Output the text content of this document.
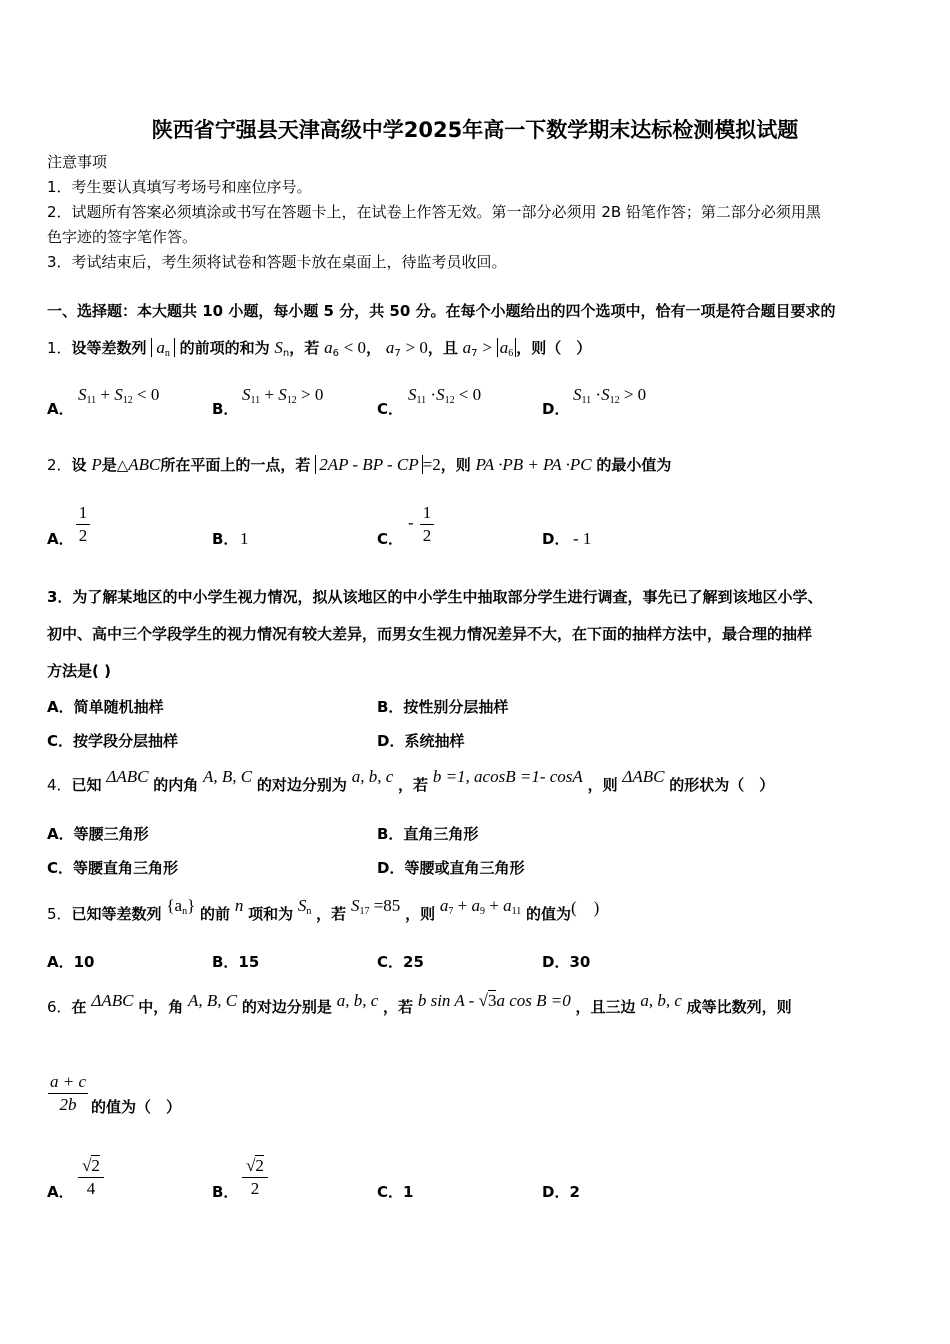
陕西省宁强县天津高级中学2025年高一下数学期末达标检测模拟试题
注意事项
1．考生要认真填写考场号和座位序号。
2．试题所有答案必须填涂或书写在答题卡上，在试卷上作答无效。第一部分必须用 2B 铅笔作答；第二部分必须用黑
色字迹的签字笔作答。
3．考试结束后，考生须将试卷和答题卡放在桌面上，待监考员收回。
一、选择题：本大题共 10 小题，每小题 5 分，共 50 分。在每个小题给出的四个选项中，恰有一项是符合题目要求的
1．设等差数列 $a_n$ 的前项的和为 $S_n$，若 $a_6 < 0$， $a_7 > 0$，且 $a_7 > a_6$ ，则（　）
A．
$S_{11} + S_{12} < 0$
B．
$S_{11} + S_{12} > 0$
C．
$S_{11} \cdot S_{12} < 0$
D．
$S_{11} \cdot S_{12} > 0$
2．设 P是△ABC所在平面上的一点，若 2AP - BP - CP =2，则 PA ·PB + PA ·PC 的最小值为
A．
1
2	B． 1	C．
-
1
2	D． - 1
3．为了解某地区的中小学生视力情况，拟从该地区的中小学生中抽取部分学生进行调查，事先已了解到该地区小学、
初中、高中三个学段学生的视力情况有较大差异，而男女生视力情况差异不大，在下面的抽样方法中，最合理的抽样
方法是( )
A．简单随机抽样	B．按性别分层抽样
C．按学段分层抽样	D．系统抽样
4．已知 ΔABC 的内角 A, B, C 的对边分别为 a, b, c ，若 b =1, acosB =1- cosA ，则 ΔABC 的形状为（　）
A．等腰三角形	B．直角三角形
C．等腰直角三角形	D．等腰或直角三角形
5．已知等差数列 $\{a_n\}$ 的前 n 项和为 $S_n$ ，若 $S_{17} =85$ ，则 $a_7 + a_9 + a_{11}$ 的值为(　)
A．10	B．15	C．25	D．30
6．在 ΔABC 中，角 A, B, C 的对边分别是 a, b, c ，若 b sin A - √3a cos B =0 ，且三边 a, b, c 成等比数列，则
a + c
2b 的值为（　）
A．
√2
4	B．
√2
2	C．1	D．2
